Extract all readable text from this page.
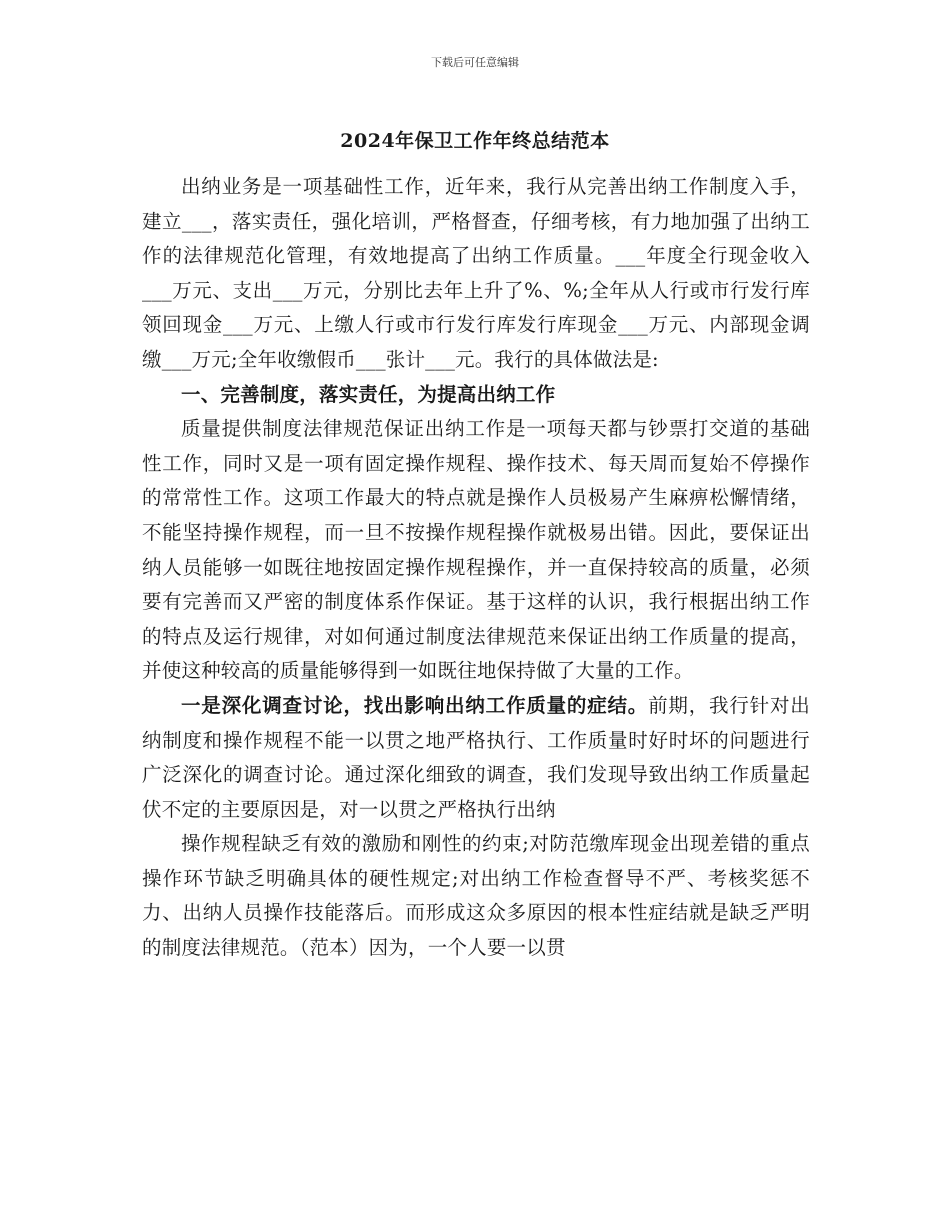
下载后可任意编辑
2024年保卫工作年终总结范本

出纳业务是一项基础性工作，近年来，我行从完善出纳工作制度入手，建立___，落实责任，强化培训，严格督查，仔细考核，有力地加强了出纳工作的法律规范化管理，有效地提高了出纳工作质量。___年度全行现金收入___万元、支出___万元，分别比去年上升了%、%;全年从人行或市行发行库领回现金___万元、上缴人行或市行发行库发行库现金___万元、内部现金调缴___万元;全年收缴假币___张计___元。我行的具体做法是:

一、完善制度，落实责任，为提高出纳工作

质量提供制度法律规范保证出纳工作是一项每天都与钞票打交道的基础性工作，同时又是一项有固定操作规程、操作技术、每天周而复始不停操作的常常性工作。这项工作最大的特点就是操作人员极易产生麻痹松懈情绪，不能坚持操作规程，而一旦不按操作规程操作就极易出错。因此，要保证出纳人员能够一如既往地按固定操作规程操作，并一直保持较高的质量，必须要有完善而又严密的制度体系作保证。基于这样的认识，我行根据出纳工作的特点及运行规律，对如何通过制度法律规范来保证出纳工作质量的提高，并使这种较高的质量能够得到一如既往地保持做了大量的工作。

一是深化调查讨论，找出影响出纳工作质量的症结。前期，我行针对出纳制度和操作规程不能一以贯之地严格执行、工作质量时好时坏的问题进行广泛深化的调查讨论。通过深化细致的调查，我们发现导致出纳工作质量起伏不定的主要原因是，对一以贯之严格执行出纳

操作规程缺乏有效的激励和刚性的约束;对防范缴库现金出现差错的重点操作环节缺乏明确具体的硬性规定;对出纳工作检查督导不严、考核奖惩不力、出纳人员操作技能落后。而形成这众多原因的根本性症结就是缺乏严明的制度法律规范。（范本）因为，一个人要一以贯
